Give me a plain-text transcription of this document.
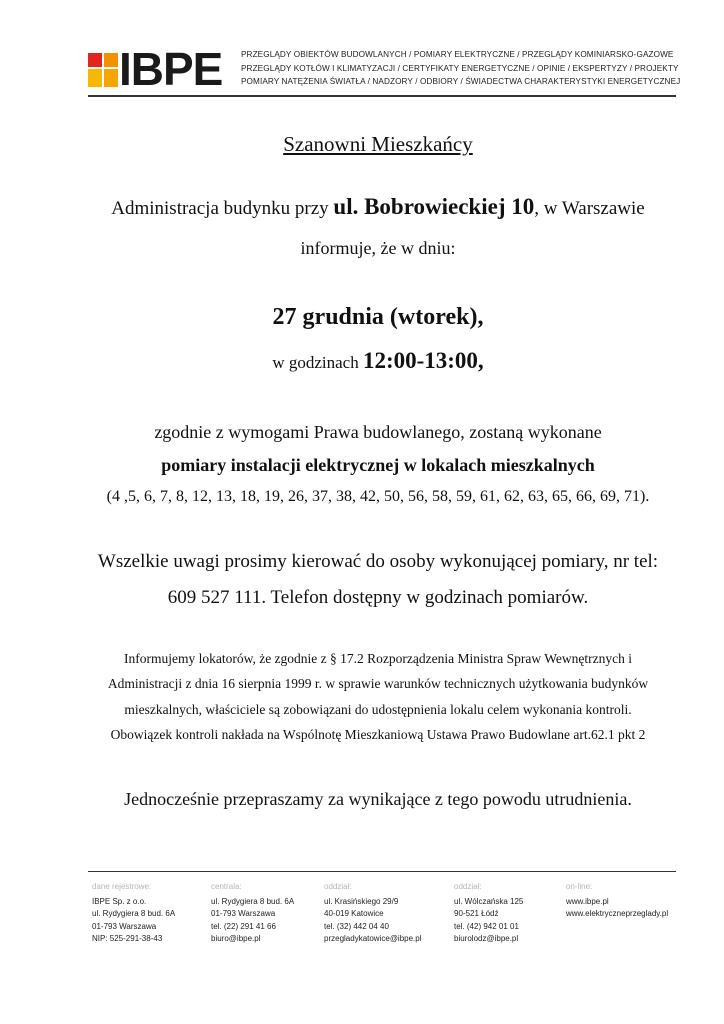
IBPE PRZEGLĄDY OBIEKTÓW BUDOWLANYCH / POMIARY ELEKTRYCZNE / PRZEGLĄDY KOMINIARSKO-GAZOWE
PRZEGLĄDY KOTŁÓW I KLIMATYZACJI / CERTYFIKATY ENERGETYCZNE / OPINIE / EKSPERTYZY / PROJEKTY
POMIARY NATĘŻENIA ŚWIATŁA / NADZORY / ODBIORY / ŚWIADECTWA CHARAKTERYSTYKI ENERGETYCZNEJ
Szanowni Mieszkańcy
Administracja budynku przy ul. Bobrowieckiej 10, w Warszawie
informuje, że w dniu:
27 grudnia (wtorek),
w godzinach 12:00-13:00,
zgodnie z wymogami Prawa budowlanego, zostaną wykonane
pomiary instalacji elektrycznej w lokalach mieszkalnych
(4 ,5, 6, 7, 8, 12, 13, 18, 19, 26, 37, 38, 42, 50, 56, 58, 59, 61, 62, 63, 65, 66, 69, 71).
Wszelkie uwagi prosimy kierować do osoby wykonującej pomiary, nr tel:
609 527 111. Telefon dostępny w godzinach pomiarów.
Informujemy lokatorów, że zgodnie z § 17.2 Rozporządzenia Ministra Spraw Wewnętrznych i
Administracji z dnia 16 sierpnia 1999 r. w sprawie warunków technicznych użytkowania budynków
mieszkalnych, właściciele są zobowiązani do udostępnienia lokalu celem wykonania kontroli.
Obowiązek kontroli nakłada na Wspólnotę Mieszkaniową Ustawa Prawo Budowlane art.62.1 pkt 2
Jednocześnie przepraszamy za wynikające z tego powodu utrudnienia.
dane rejestrowe:
IBPE Sp. z o.o.
ul. Rydygiera 8 bud. 6A
01-793 Warszawa
NIP: 525-291-38-43
centrala:
ul. Rydygiera 8 bud. 6A
01-793 Warszawa
tel. (22) 291 41 66
biuro@ibpe.pl
oddział:
ul. Krasińskiego 29/9
40-019 Katowice
tel. (32) 442 04 40
przegladykatowice@ibpe.pl
oddział:
ul. Wólczańska 125
90-521 Łódź
tel. (42) 942 01 01
biurolodz@ibpe.pl
on-line:
www.ibpe.pl
www.elektryczneprzeglady.pl
